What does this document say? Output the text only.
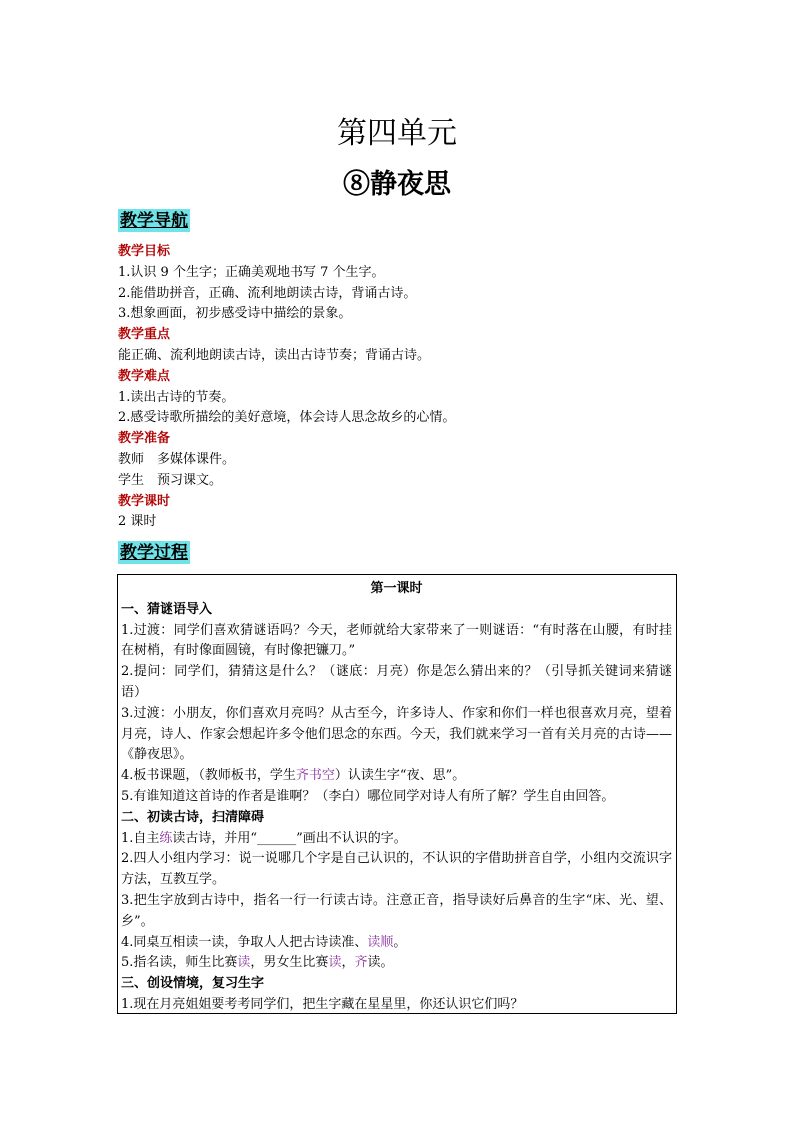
第四单元
⑧静夜思
教学导航
教学目标
1.认识 9 个生字；正确美观地书写 7 个生字。
2.能借助拼音，正确、流利地朗读古诗，背诵古诗。
3.想象画面，初步感受诗中描绘的景象。
教学重点
能正确、流利地朗读古诗，读出古诗节奏；背诵古诗。
教学难点
1.读出古诗的节奏。
2.感受诗歌所描绘的美好意境，体会诗人思念故乡的心情。
教学准备
教师　多媒体课件。
学生　预习课文。
教学课时
2 课时
教学过程
第一课时
一、猜谜语导入

1.过渡：同学们喜欢猜谜语吗？今天，老师就给大家带来了一则谜语：“有时落在山腰，有时挂在树梢，有时像面圆镜，有时像把镰刀。”

2.提问：同学们，猜猜这是什么？（谜底：月亮）你是怎么猜出来的？（引导抓关键词来猜谜语）

3.过渡：小朋友，你们喜欢月亮吗？从古至今，许多诗人、作家和你们一样也很喜欢月亮，望着月亮，诗人、作家会想起许多令他们思念的东西。今天，我们就来学习一首有关月亮的古诗——《静夜思》。

4.板书课题，（教师板书，学生齐书空）认读生字“夜、思”。

5.有谁知道这首诗的作者是谁啊？（李白）哪位同学对诗人有所了解？学生自由回答。

二、初读古诗，扫清障碍

1.自主练读古诗，并用“______”画出不认识的字。

2.四人小组内学习：说一说哪几个字是自己认识的，不认识的字借助拼音自学，小组内交流识字方法，互教互学。

3.把生字放到古诗中，指名一行一行读古诗。注意正音，指导读好后鼻音的生字“床、光、望、乡”。

4.同桌互相读一读，争取人人把古诗读准、读顺。

5.指名读，师生比赛读，男女生比赛读，齐读。

三、创设情境，复习生字

1.现在月亮姐姐要考考同学们，把生字藏在星星里，你还认识它们吗？
